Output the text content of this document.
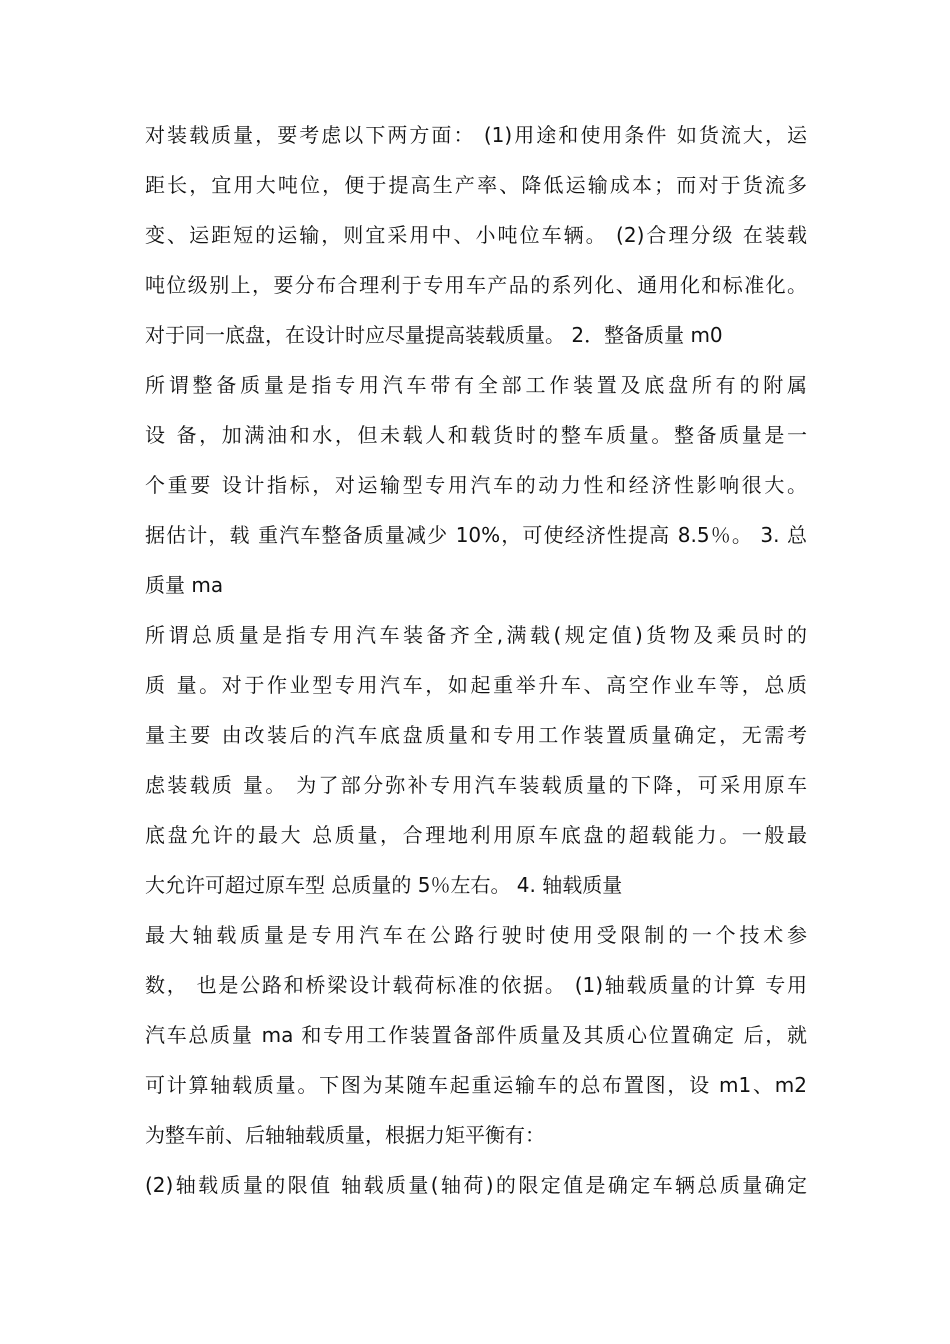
对装载质量，要考虑以下两方面： (1)用途和使用条件 如货流大，运
距长，宜用大吨位，便于提高生产率、降低运输成本；而对于货流多
变、运距短的运输，则宜采用中、小吨位车辆。 (2)合理分级 在装载
吨位级别上，要分布合理利于专用车产品的系列化、通用化和标准化。
对于同一底盘，在设计时应尽量提高装载质量。 2．整备质量 m0
所谓整备质量是指专用汽车带有全部工作装置及底盘所有的附属
设 备，加满油和水，但未载人和载货时的整车质量。整备质量是一
个重要 设计指标，对运输型专用汽车的动力性和经济性影响很大。
据估计，载 重汽车整备质量减少 10%，可使经济性提高 8.5％。 3. 总
质量 ma
所谓总质量是指专用汽车装备齐全,满载(规定值)货物及乘员时的
质 量。对于作业型专用汽车，如起重举升车、高空作业车等，总质
量主要 由改装后的汽车底盘质量和专用工作装置质量确定，无需考
虑装载质 量。 为了部分弥补专用汽车装载质量的下降，可采用原车
底盘允许的最大 总质量，合理地利用原车底盘的超载能力。一般最
大允许可超过原车型 总质量的 5％左右。 4. 轴载质量
最大轴载质量是专用汽车在公路行驶时使用受限制的一个技术参
数， 也是公路和桥梁设计载荷标准的依据。 (1)轴载质量的计算 专用
汽车总质量 ma 和专用工作装置备部件质量及其质心位置确定 后，就
可计算轴载质量。下图为某随车起重运输车的总布置图，设 m1、m2
为整车前、后轴轴载质量，根据力矩平衡有：
(2)轴载质量的限值 轴载质量(轴荷)的限定值是确定车辆总质量确定
